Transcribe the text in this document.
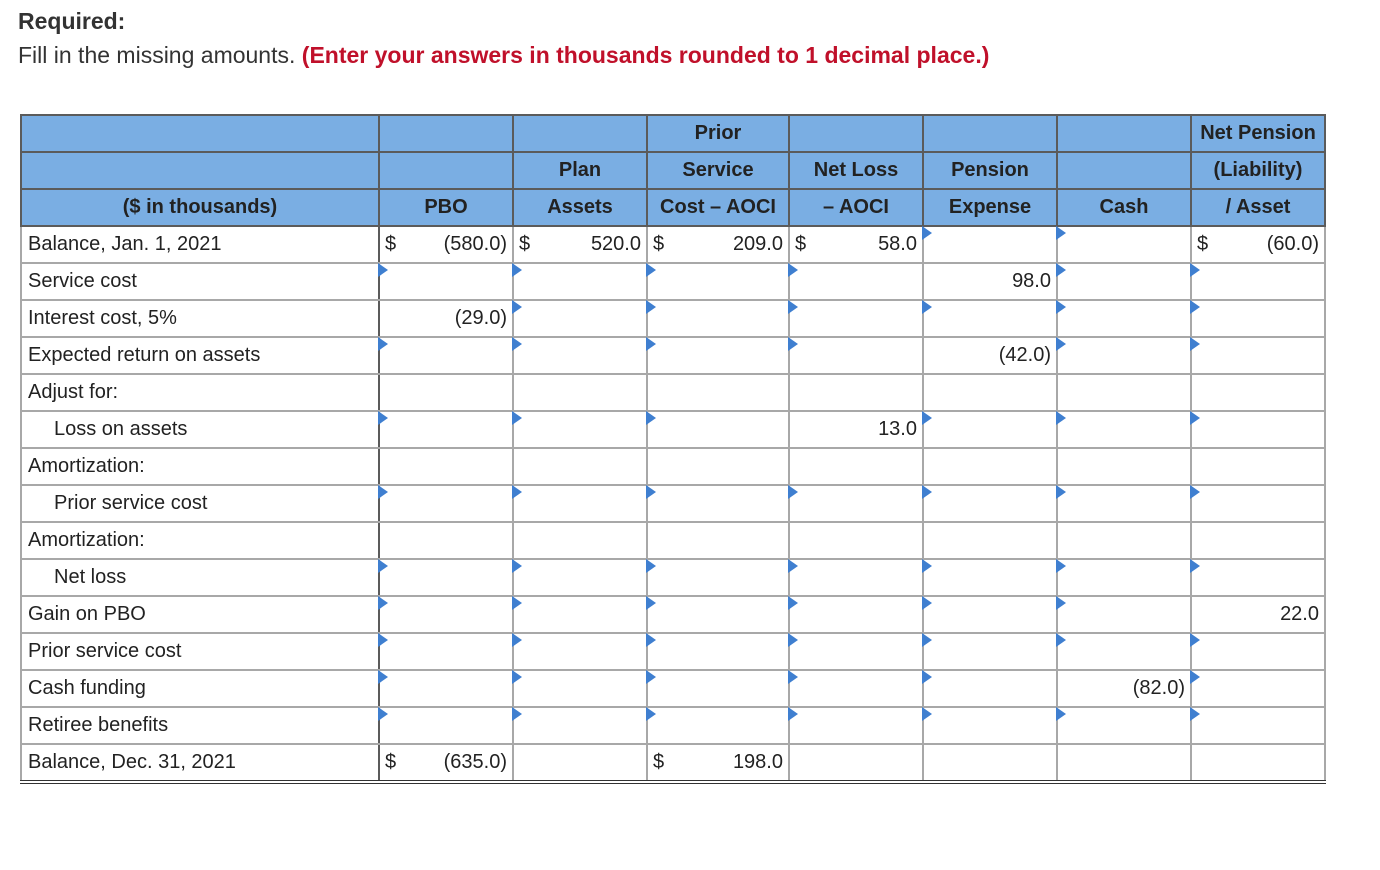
Required:
Fill in the missing amounts. (Enter your answers in thousands rounded to 1 decimal place.)
			Prior				Net Pension
		Plan	Service	Net Loss	Pension		(Liability)
($ in thousands)	PBO	Assets	Cost – AOCI	– AOCI	Expense	Cash	/ Asset
Balance, Jan. 1, 2021	$ (580.0)	$ 520.0	$ 209.0	$ 58.0			$ (60.0)

Service cost					98.0		

Interest cost, 5%	(29.0)						

Expected return on assets					(42.0)		

Adjust for:	

Loss on assets				13.0			

Amortization:	

Prior service cost	

Amortization:	

Net loss	

Gain on PBO							22.0

Prior service cost	

Cash funding						(82.0)	

Retiree benefits	

Balance, Dec. 31, 2021	$ (635.0)		$ 198.0				
